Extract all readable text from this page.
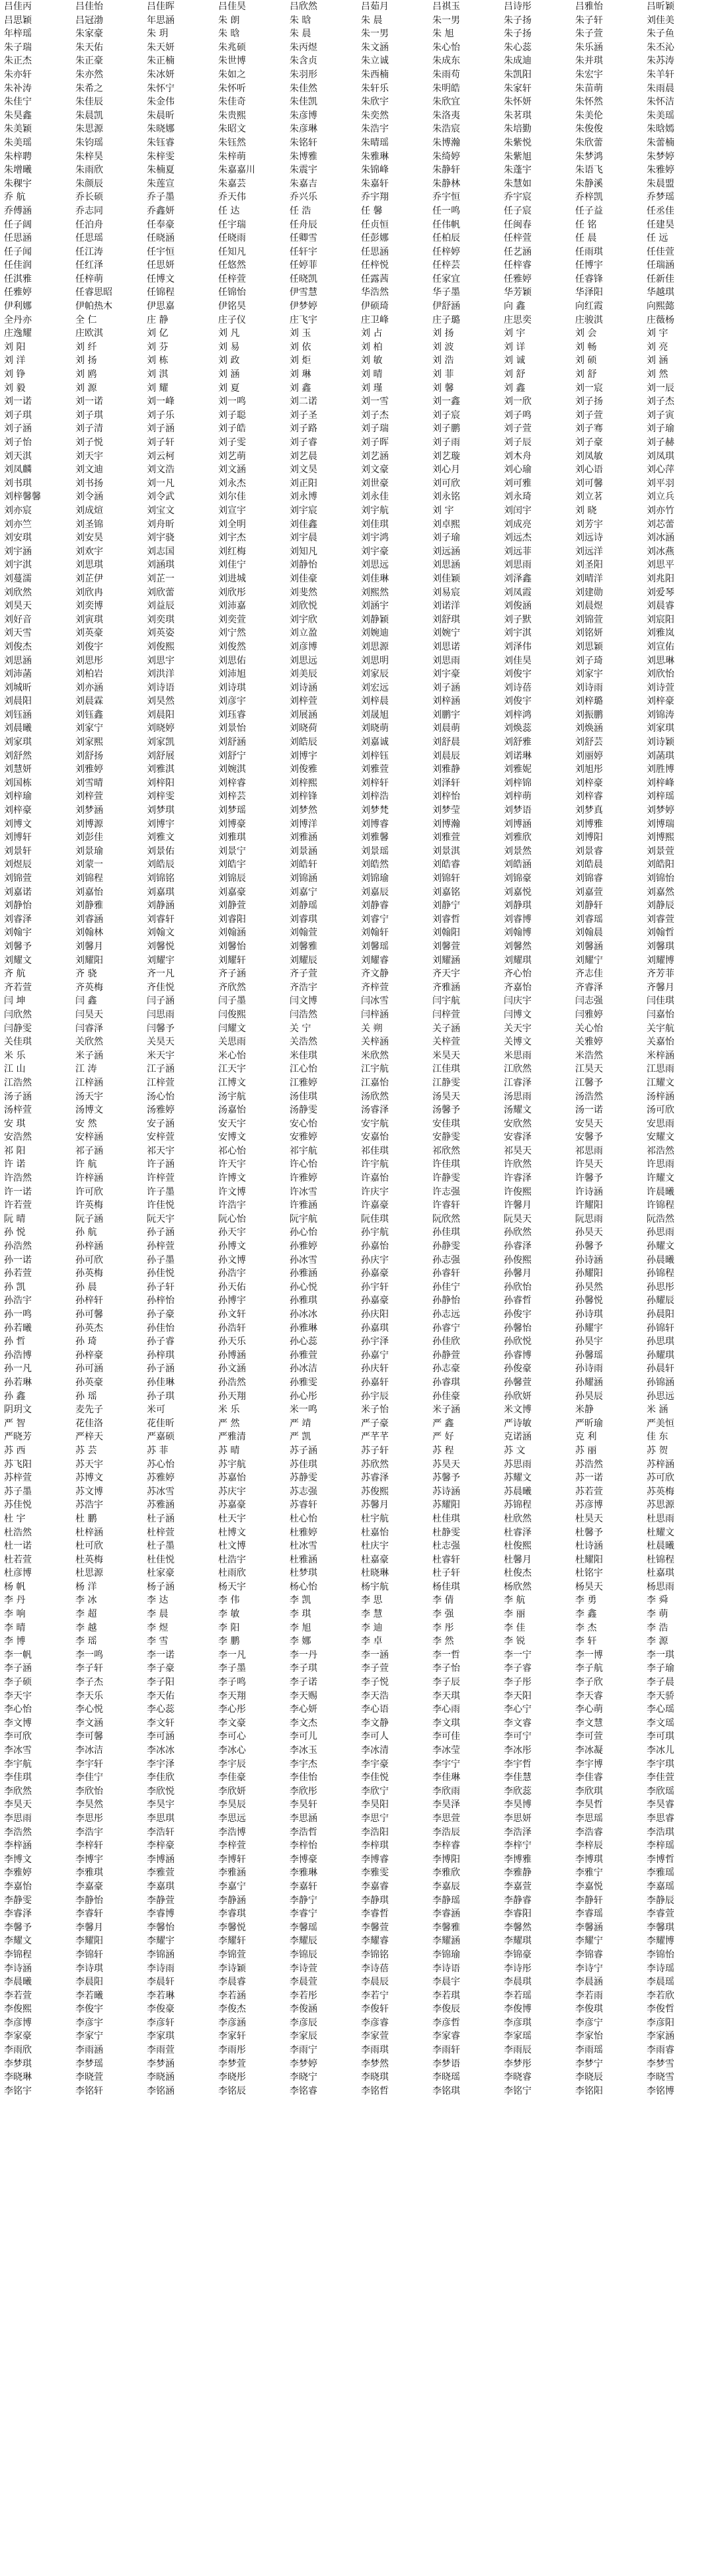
吕佳丙	吕佳怡	吕佳晖	吕佳昊	吕欣然	吕茹月	吕祺玉	吕诗彤	吕雅怡	吕昕颖
吕思颖	吕冠渤	年思涵	朱 朗	朱 晗	朱 晨	朱一男	朱子扬	朱子轩	刘佳美
年梓瑶	朱家豪	朱 玥	朱 晗	朱 晨	朱一男	朱 旭	朱子扬	朱子萱	朱子鱼
朱子瑞	朱天佑	朱天妍	朱兆硕	朱丙煜	朱文涵	朱心怡	朱心蕊	朱乐涵	朱丕沁
朱正杰	朱正豪	朱正楠	朱世博	朱含贞	朱立诚	朱成东	朱成迪	朱并琪	朱苏涛
朱亦轩	朱亦然	朱冰妍	朱如之	朱羽形	朱西楠	朱雨苟	朱凯阳	朱宏宇	朱羊轩
朱补涛	朱希之	朱怀宁	朱怀听	朱佳然	朱轩乐	朱明皓	朱家轩	朱苗萌	朱雨晨
朱佳宁	朱佳辰	朱金伟	朱佳奇	朱佳凯	朱欣宇	朱欣宜	朱怀妍	朱怀然	朱怀洁
朱昊鑫	朱晨凯	朱晨昕	朱贵熙	朱彦博	朱奕然	朱洛夷	朱茗琪	朱美伦	朱美瑶
朱美颖	朱思源	朱晓娜	朱昭文	朱彦琳	朱浩宇	朱浩宸	朱培勤	朱俊俊	朱晗嫣
朱美瑶	朱钧瑶	朱钰睿	朱钰然	朱铭轩	朱晴瑶	朱博瀚	朱紫悦	朱欣蕾	朱蕾楠
朱梓聘	朱梓昊	朱梓雯	朱梓萌	朱博雅	朱雅琳	朱绮婷	朱紫旭	朱梦鸿	朱梦婷
朱增曦	朱雨欣	朱楠夏	朱嘉嘉川	朱震宇	朱锦峰	朱静轩	朱蓬宇	朱语飞	朱雅婷
朱稞宇	朱颜辰	朱莲宣	朱嘉芸	朱嘉吉	朱嘉轩	朱静林	朱慧如	朱静溪	朱晨盟
乔 航	乔长硕	乔子墨	乔天伟	乔兴乐	乔宇翔	乔宇恒	乔宇宸	乔梓凯	乔梦瑶
乔傅涵	乔志同	乔鑫妍	任 达	任 浩	任 馨	任一鸣	任子宸	任子益	任丞佳
任子阔	任泊舟	任奉豪	任宇瑞	任舟辰	任贞恒	任伟帆	任闽春	任 铭	任建昊
任思涵	任思瑶	任晓涵	任晓雨	任卿雪	任彭娜	任柏辰	任梓萱	任 晨	任 远
任子闻	任江涛	任宇恒	任知凡	任轩宇	任思涵	任梓婷	任艺涵	任雨琪	任佳萱
任佳润	任红泽	任思妍	任悠然	任婷菲	任梓悦	任梓芸	任梓睿	任博宇	任瑞涵
任淇雅	任梓萌	任博文	任梓萱	任晓凯	任露茜	任家宜	任雅婷	任睿锋	任新佳
任雅婷	任睿思昭	任锦程	任锦怡	伊雪慧	华浩然	华子墨	华芳颖	华泽阳	华越琪
伊利娜	伊帕热木	伊思嘉	伊铭昊	伊梦婷	伊硕琦	伊舒涵	向 鑫	向红霞	向熙懿
全丹亦	全 仁	庄 静	庄子仪	庄飞宇	庄卫峰	庄子璐	庄思奕	庄骏淇	庄薇杨
庄逸耀	庄欧淇	刘 亿	刘 凡	刘 玉	刘 占	刘 扬	刘 宇	刘 会	刘 宇
刘 阳	刘 纤	刘 芬	刘 易	刘 依	刘 柏	刘 波	刘 详	刘 畅	刘 亮
刘 洋	刘 扬	刘 栋	刘 政	刘 炬	刘 敏	刘 浩	刘 诚	刘 硕	刘 涵
刘 铮	刘 鸥	刘 淇	刘 涵	刘 琳	刘 晴	刘 菲	刘 舒	刘 舒	刘 然
刘 毅	刘 源	刘 耀	刘 夏	刘 鑫	刘 瑾	刘 馨	刘 鑫	刘一宸	刘一辰
刘一诺	刘一诺	刘一峰	刘一鸣	刘二诺	刘一雪	刘一鑫	刘一欣	刘子扬	刘子杰
刘子琪	刘子琪	刘子乐	刘子聪	刘子圣	刘子杰	刘子宸	刘子鸣	刘子萱	刘子寅
刘子涵	刘子清	刘子涵	刘子皓	刘子路	刘子瑞	刘子鹏	刘子萱	刘子骞	刘子瑜
刘子怡	刘子悦	刘子轩	刘子雯	刘子睿	刘子晖	刘子雨	刘子辰	刘子豪	刘子赫
刘天淇	刘天宇	刘云柯	刘艺萌	刘艺晨	刘艺涵	刘艺璇	刘木舟	刘凤敏	刘凤琪
刘凤麟	刘文迪	刘文浩	刘文涵	刘文昊	刘文豪	刘心月	刘心瑜	刘心语	刘心萍
刘书琪	刘书扬	刘一凡	刘永杰	刘正阳	刘世豪	刘可欣	刘可雅	刘可馨	刘平羽
刘梓馨馨	刘令涵	刘令武	刘尔佳	刘永博	刘永佳	刘永铭	刘永琦	刘立茗	刘立兵
刘亦宸	刘成煊	刘宝文	刘宣宇	刘宇宸	刘宇航	刘 宇	刘闰宇	刘 晓	刘亦竹
刘亦竺	刘圣锦	刘舟昕	刘全明	刘佳鑫	刘佳琪	刘卓熙	刘成亮	刘芳宇	刘芯蕾
刘安琪	刘安昊	刘宇骁	刘宇杰	刘宇晨	刘宇鸿	刘子瑜	刘远杰	刘远诗	刘冰涵
刘宇涵	刘欢宇	刘志国	刘红梅	刘知凡	刘宇豪	刘远涵	刘远菲	刘远洋	刘冰燕
刘宇淇	刘思琪	刘涵琪	刘佳宁	刘静怡	刘思远	刘思涵	刘思雨	刘圣阳	刘思平
刘蔓濡	刘芷伊	刘芷一	刘进城	刘佳豪	刘佳琳	刘佳颖	刘泽鑫	刘晴洋	刘兆阳
刘欣然	刘欣冉	刘欣蕾	刘欣彤	刘斐然	刘熙然	刘易宸	刘凤霞	刘建勋	刘爱琴
刘昊天	刘奕博	刘益辰	刘沛嘉	刘欣悦	刘涵宇	刘诺洋	刘俊涵	刘晨煜	刘晨睿
刘好音	刘寅琪	刘奕琪	刘奕萱	刘宇欣	刘静颖	刘舒琪	刘子默	刘锦萱	刘宸阳
刘天雪	刘英豪	刘英姿	刘宁然	刘立盈	刘婉迪	刘婉宁	刘宇淇	刘铭妍	刘雅岚
刘俊杰	刘俊宇	刘俊熙	刘俊然	刘彦博	刘思源	刘思诺	刘泽伟	刘思颖	刘宣佑
刘思涵	刘思彤	刘思宇	刘思佑	刘思远	刘思明	刘思雨	刘佳昊	刘子琦	刘思琳
刘沛菡	刘柏岩	刘洪洋	刘沛旭	刘美辰	刘家辰	刘宇豪	刘俊宇	刘家宇	刘欣怡
刘城昕	刘亦涵	刘诗语	刘诗琪	刘诗涵	刘宏远	刘子涵	刘诗蓓	刘诗雨	刘诗萱
刘晨阳	刘晨霖	刘昊然	刘彦宇	刘梓萱	刘梓晨	刘梓涵	刘俊宇	刘梓璐	刘梓豪
刘钰涵	刘钰鑫	刘晨阳	刘珏睿	刘展涵	刘晟旭	刘鹏宇	刘梓鸿	刘振鹏	刘锦涛
刘晨曦	刘家宁	刘晓婷	刘景怡	刘晓荷	刘晓萌	刘晨萌	刘焕蕊	刘焕涵	刘家琪
刘家琪	刘家熙	刘家凯	刘舒涵	刘皓辰	刘嘉诚	刘舒晨	刘舒雅	刘舒芸	刘诗颖
刘舒然	刘舒扬	刘舒展	刘舒宁	刘博宇	刘梓钰	刘晨辰	刘诺琳	刘丽婷	刘菡琪
刘慧妍	刘雅婷	刘雅淇	刘婉淇	刘俊雅	刘雅萱	刘雅静	刘雅妮	刘旭彤	刘胜博
刘国栋	刘雪晴	刘梓阳	刘梓睿	刘梓熙	刘梓轩	刘泽轩	刘梓锦	刘梓豪	刘梓峰
刘梓瑜	刘梓萱	刘梓雯	刘梓芸	刘梓锋	刘梓浩	刘梓怡	刘梓萌	刘梓睿	刘梓瑶
刘梓豪	刘梦涵	刘梦琪	刘梦瑶	刘梦然	刘梦梵	刘梦莹	刘梦语	刘梦真	刘梦婷
刘博文	刘博源	刘博宇	刘博豪	刘博洋	刘博睿	刘博瀚	刘博涵	刘博雅	刘博瑞
刘博轩	刘彭佳	刘雅文	刘雅琪	刘雅涵	刘雅馨	刘雅萱	刘雅欣	刘博阳	刘博熙
刘景轩	刘景瑜	刘景佑	刘景宁	刘景涵	刘景瑶	刘景淇	刘景然	刘景睿	刘景萱
刘煜辰	刘蒙一	刘皓辰	刘皓宇	刘皓轩	刘皓然	刘皓睿	刘皓涵	刘皓晨	刘皓阳
刘锦萱	刘锦程	刘锦铭	刘锦辰	刘锦涵	刘锦瑜	刘锦轩	刘锦豪	刘锦睿	刘锦怡
刘嘉诺	刘嘉怡	刘嘉琪	刘嘉豪	刘嘉宁	刘嘉辰	刘嘉铭	刘嘉悦	刘嘉萱	刘嘉然
刘静怡	刘静雅	刘静涵	刘静萱	刘静瑶	刘静睿	刘静宁	刘静琪	刘静轩	刘静辰
刘睿泽	刘睿涵	刘睿轩	刘睿阳	刘睿琪	刘睿宁	刘睿哲	刘睿博	刘睿瑶	刘睿萱
刘翰宇	刘翰林	刘翰文	刘翰涵	刘翰萱	刘翰轩	刘翰阳	刘翰博	刘翰晨	刘翰哲
刘馨予	刘馨月	刘馨悦	刘馨怡	刘馨雅	刘馨瑶	刘馨萱	刘馨然	刘馨涵	刘馨琪
刘耀文	刘耀阳	刘耀宇	刘耀轩	刘耀辰	刘耀睿	刘耀涵	刘耀琪	刘耀宁	刘耀博
齐 航	齐 骁	齐一凡	齐子涵	齐子萱	齐文静	齐天宇	齐心怡	齐志佳	齐芳菲
齐若萱	齐英梅	齐佳悦	齐欣然	齐浩宇	齐梓萱	齐雅涵	齐嘉怡	齐睿泽	齐馨月
闫 坤	闫 鑫	闫子涵	闫子墨	闫文博	闫冰雪	闫宇航	闫庆宇	闫志强	闫佳琪
闫欣然	闫昊天	闫思雨	闫俊熙	闫浩然	闫梓涵	闫梓萱	闫博文	闫雅婷	闫嘉怡
闫静雯	闫睿泽	闫馨予	闫耀文	关 宁	关 朔	关子涵	关天宇	关心怡	关宇航
关佳琪	关欣然	关昊天	关思雨	关浩然	关梓涵	关梓萱	关博文	关雅婷	关嘉怡
米 乐	米子涵	米天宇	米心怡	米佳琪	米欣然	米昊天	米思雨	米浩然	米梓涵
江 山	江 涛	江子涵	江天宇	江心怡	江宇航	江佳琪	江欣然	江昊天	江思雨
江浩然	江梓涵	江梓萱	江博文	江雅婷	江嘉怡	江静雯	江睿泽	江馨予	江耀文
汤子涵	汤天宇	汤心怡	汤宇航	汤佳琪	汤欣然	汤昊天	汤思雨	汤浩然	汤梓涵
汤梓萱	汤博文	汤雅婷	汤嘉怡	汤静雯	汤睿泽	汤馨予	汤耀文	汤一诺	汤可欣
安 琪	安 然	安子涵	安天宇	安心怡	安宇航	安佳琪	安欣然	安昊天	安思雨
安浩然	安梓涵	安梓萱	安博文	安雅婷	安嘉怡	安静雯	安睿泽	安馨予	安耀文
祁 阳	祁子涵	祁天宇	祁心怡	祁宇航	祁佳琪	祁欣然	祁昊天	祁思雨	祁浩然
许 诺	许 航	许子涵	许天宇	许心怡	许宇航	许佳琪	许欣然	许昊天	许思雨
许浩然	许梓涵	许梓萱	许博文	许雅婷	许嘉怡	许静雯	许睿泽	许馨予	许耀文
许一诺	许可欣	许子墨	许文博	许冰雪	许庆宇	许志强	许俊熙	许诗涵	许晨曦
许若萱	许英梅	许佳悦	许浩宇	许雅涵	许嘉豪	许睿轩	许馨月	许耀阳	许锦程
阮 晴	阮子涵	阮天宇	阮心怡	阮宇航	阮佳琪	阮欣然	阮昊天	阮思雨	阮浩然
孙 悦	孙 航	孙子涵	孙天宇	孙心怡	孙宇航	孙佳琪	孙欣然	孙昊天	孙思雨
孙浩然	孙梓涵	孙梓萱	孙博文	孙雅婷	孙嘉怡	孙静雯	孙睿泽	孙馨予	孙耀文
孙一诺	孙可欣	孙子墨	孙文博	孙冰雪	孙庆宇	孙志强	孙俊熙	孙诗涵	孙晨曦
孙若萱	孙英梅	孙佳悦	孙浩宇	孙雅涵	孙嘉豪	孙睿轩	孙馨月	孙耀阳	孙锦程
孙 凯	孙 晨	孙子轩	孙天佑	孙心悦	孙宇轩	孙佳宁	孙欣怡	孙昊然	孙思彤
孙浩宇	孙梓轩	孙梓怡	孙博宇	孙雅琪	孙嘉豪	孙静怡	孙睿哲	孙馨悦	孙耀辰
孙一鸣	孙可馨	孙子豪	孙文轩	孙冰冰	孙庆阳	孙志远	孙俊宇	孙诗琪	孙晨阳
孙若曦	孙英杰	孙佳怡	孙浩轩	孙雅琳	孙嘉琪	孙睿宁	孙馨怡	孙耀宇	孙锦轩
孙 哲	孙 琦	孙子睿	孙天乐	孙心蕊	孙宇泽	孙佳欣	孙欣悦	孙昊宇	孙思琪
孙浩博	孙梓豪	孙梓琪	孙博涵	孙雅萱	孙嘉宁	孙静萱	孙睿博	孙馨瑶	孙耀琪
孙一凡	孙可涵	孙子涵	孙文涵	孙冰洁	孙庆轩	孙志豪	孙俊豪	孙诗雨	孙晨轩
孙若琳	孙英豪	孙佳琳	孙浩然	孙雅雯	孙嘉轩	孙睿琪	孙馨萱	孙耀涵	孙锦涵
孙 鑫	孙 瑶	孙子琪	孙天翔	孙心彤	孙宇辰	孙佳豪	孙欣妍	孙昊辰	孙思远
阴玥文	麦先子	米可	米 乐	米一鸣	米子怡	米子涵	米文博	米静	米 涵
严 智	花佳洛	花佳昕	严 然	严 靖	严子豪	严 鑫	严诗敏	严昕瑜	严美恒
严晓芳	严梓天	严嘉硕	严雅清	严 凯	严芊芊	严 好	克诺涵	克 利	佳 东
苏 西	苏 芸	苏 菲	苏 晴	苏子涵	苏子轩	苏 程	苏 文	苏 丽	苏 贺
苏飞阳	苏天宇	苏心怡	苏宇航	苏佳琪	苏欣然	苏昊天	苏思雨	苏浩然	苏梓涵
苏梓萱	苏博文	苏雅婷	苏嘉怡	苏静雯	苏睿泽	苏馨予	苏耀文	苏一诺	苏可欣
苏子墨	苏文博	苏冰雪	苏庆宇	苏志强	苏俊熙	苏诗涵	苏晨曦	苏若萱	苏英梅
苏佳悦	苏浩宇	苏雅涵	苏嘉豪	苏睿轩	苏馨月	苏耀阳	苏锦程	苏彦博	苏思源
杜 宇	杜 鹏	杜子涵	杜天宇	杜心怡	杜宇航	杜佳琪	杜欣然	杜昊天	杜思雨
杜浩然	杜梓涵	杜梓萱	杜博文	杜雅婷	杜嘉怡	杜静雯	杜睿泽	杜馨予	杜耀文
杜一诺	杜可欣	杜子墨	杜文博	杜冰雪	杜庆宇	杜志强	杜俊熙	杜诗涵	杜晨曦
杜若萱	杜英梅	杜佳悦	杜浩宇	杜雅涵	杜嘉豪	杜睿轩	杜馨月	杜耀阳	杜锦程
杜彦博	杜思源	杜家豪	杜雨欣	杜梦琪	杜晓琳	杜子轩	杜俊杰	杜铭宇	杜嘉琪
杨 帆	杨 洋	杨子涵	杨天宇	杨心怡	杨宇航	杨佳琪	杨欣然	杨昊天	杨思雨
李 丹	李 冰	李 达	李 伟	李 凯	李 思	李 倩	李 航	李 勇	李 舜
李 响	李 超	李 晨	李 敏	李 琪	李 慧	李 强	李 丽	李 鑫	李 萌
李 晴	李 越	李 煜	李 阳	李 旭	李 迪	李 彤	李 佳	李 杰	李 浩
李 博	李 瑶	李 雪	李 鹏	李 娜	李 卓	李 然	李 锐	李 轩	李 源
李一帆	李一鸣	李一诺	李一凡	李一丹	李一涵	李一哲	李一宁	李一博	李一琪
李子涵	李子轩	李子豪	李子墨	李子琪	李子萱	李子怡	李子睿	李子航	李子瑜
李子硕	李子杰	李子阳	李子鸣	李子诺	李子悦	李子辰	李子彤	李子欣	李子晨
李天宇	李天乐	李天佑	李天翔	李天赐	李天浩	李天琪	李天阳	李天睿	李天骄
李心怡	李心悦	李心蕊	李心彤	李心妍	李心语	李心雨	李心宁	李心萌	李心瑶
李文博	李文涵	李文轩	李文豪	李文杰	李文静	李文琪	李文睿	李文慧	李文瑶
李可欣	李可馨	李可涵	李可心	李可儿	李可人	李可佳	李可宁	李可萱	李可琪
李冰雪	李冰洁	李冰冰	李冰心	李冰玉	李冰清	李冰莹	李冰彤	李冰凝	李冰儿
李宇航	李宇轩	李宇泽	李宇辰	李宇杰	李宇豪	李宇宁	李宇哲	李宇博	李宇琪
李佳琪	李佳宁	李佳欣	李佳豪	李佳怡	李佳悦	李佳琳	李佳慧	李佳睿	李佳萱
李欣然	李欣怡	李欣悦	李欣妍	李欣彤	李欣宁	李欣雨	李欣蕊	李欣琪	李欣瑶
李昊天	李昊然	李昊宇	李昊辰	李昊轩	李昊阳	李昊泽	李昊博	李昊哲	李昊睿
李思雨	李思彤	李思琪	李思远	李思涵	李思宁	李思萱	李思妍	李思瑶	李思睿
李浩然	李浩宇	李浩轩	李浩博	李浩哲	李浩阳	李浩辰	李浩泽	李浩睿	李浩琪
李梓涵	李梓轩	李梓豪	李梓萱	李梓怡	李梓琪	李梓睿	李梓宁	李梓辰	李梓瑶
李博文	李博宇	李博涵	李博轩	李博豪	李博睿	李博阳	李博雅	李博琪	李博哲
李雅婷	李雅琪	李雅萱	李雅涵	李雅琳	李雅雯	李雅欣	李雅静	李雅宁	李雅瑶
李嘉怡	李嘉豪	李嘉琪	李嘉宁	李嘉轩	李嘉睿	李嘉辰	李嘉萱	李嘉悦	李嘉瑶
李静雯	李静怡	李静萱	李静涵	李静宁	李静琪	李静瑶	李静睿	李静轩	李静辰
李睿泽	李睿轩	李睿博	李睿琪	李睿宁	李睿哲	李睿涵	李睿阳	李睿瑶	李睿萱
李馨予	李馨月	李馨怡	李馨悦	李馨瑶	李馨萱	李馨雅	李馨然	李馨涵	李馨琪
李耀文	李耀阳	李耀宇	李耀轩	李耀辰	李耀睿	李耀涵	李耀琪	李耀宁	李耀博
李锦程	李锦轩	李锦涵	李锦萱	李锦辰	李锦铭	李锦瑜	李锦豪	李锦睿	李锦怡
李诗涵	李诗琪	李诗雨	李诗颖	李诗萱	李诗蓓	李诗语	李诗彤	李诗宁	李诗瑶
李晨曦	李晨阳	李晨轩	李晨睿	李晨萱	李晨辰	李晨宇	李晨琪	李晨涵	李晨瑶
李若萱	李若曦	李若琳	李若涵	李若彤	李若宁	李若琪	李若瑶	李若雨	李若欣
李俊熙	李俊宇	李俊豪	李俊杰	李俊涵	李俊轩	李俊辰	李俊博	李俊琪	李俊哲
李彦博	李彦宇	李彦轩	李彦涵	李彦辰	李彦睿	李彦哲	李彦琪	李彦宁	李彦阳
李家豪	李家宁	李家琪	李家轩	李家辰	李家萱	李家睿	李家瑶	李家怡	李家涵
李雨欣	李雨涵	李雨萱	李雨彤	李雨宁	李雨琪	李雨轩	李雨辰	李雨瑶	李雨睿
李梦琪	李梦瑶	李梦涵	李梦萱	李梦婷	李梦然	李梦语	李梦彤	李梦宁	李梦雪
李晓琳	李晓萱	李晓涵	李晓彤	李晓宁	李晓琪	李晓瑶	李晓睿	李晓辰	李晓雪
李铭宇	李铭轩	李铭涵	李铭辰	李铭睿	李铭哲	李铭琪	李铭宁	李铭阳	李铭博
